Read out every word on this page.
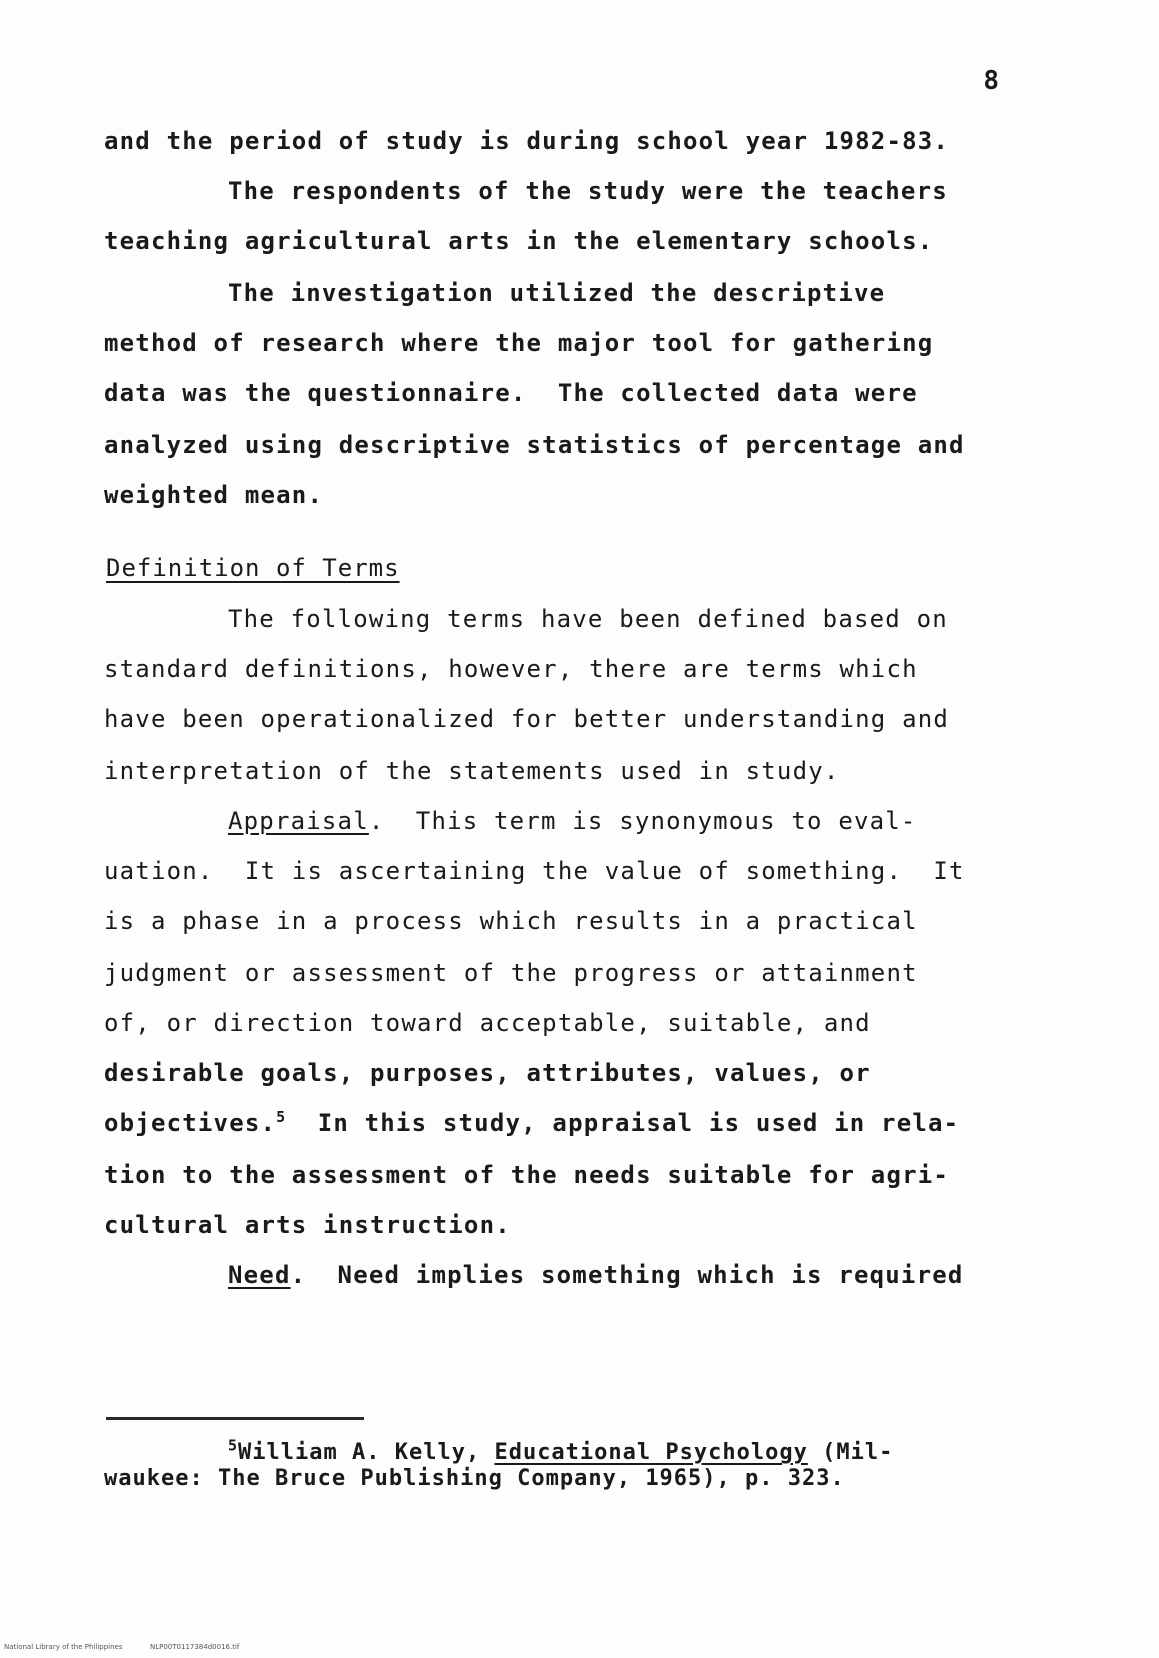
8
and the period of study is during school year 1982-83.
The respondents of the study were the teachers
teaching agricultural arts in the elementary schools.
The investigation utilized the descriptive
method of research where the major tool for gathering
data was the questionnaire.  The collected data were
analyzed using descriptive statistics of percentage and
weighted mean.
Definition of Terms
The following terms have been defined based on
standard definitions, however, there are terms which
have been operationalized for better understanding and
interpretation of the statements used in study.
Appraisal.  This term is synonymous to eval-
uation.  It is ascertaining the value of something.  It
is a phase in a process which results in a practical
judgment or assessment of the progress or attainment
of, or direction toward acceptable, suitable, and
desirable goals, purposes, attributes, values, or
objectives.$^5$  In this study, appraisal is used in rela-
tion to the assessment of the needs suitable for agri-
cultural arts instruction.
Need.  Need implies something which is required
$^5$William A. Kelly, Educational Psychology (Mil-
waukee: The Bruce Publishing Company, 1965), p. 323.
National Library of the Philippines	NLP00T0117384d0016.tif
